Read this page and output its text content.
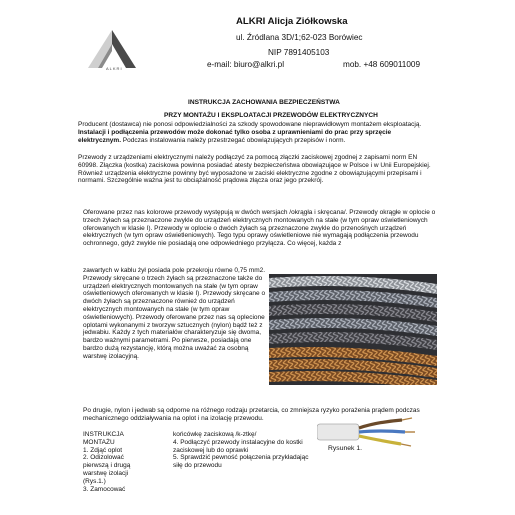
ALKRI
ALKRI Alicja Ziółkowska
ul. Źródlana 3D/1;62-023 Borówiec
NIP 7891405103
e-mail: biuro@alkri.pl	mob. +48 609011009
INSTRUKCJA ZACHOWANIA BEZPIECZEŃSTWA
PRZY MONTAŻU I EKSPLOATACJI PRZEWODÓW ELEKTRYCZNYCH
Producent (dostawca) nie ponosi odpowiedzialności za szkody spowodowane nieprawidłowym montażem eksploatacją. Instalacji i podłączenia przewodów może dokonać tylko osoba z uprawnieniami do prac przy sprzęcie elektrycznym. Podczas instalowania należy przestrzegać obowiązujących przepisów i norm.
Przewody z urządzeniami elektrycznymi należy podłączyć za pomocą złączki zaciskowej zgodnej z zapisami norm EN 60998. Złączka (kostka) zaciskowa powinna posiadać atesty bezpieczeństwa obowiązujące w Polsce i w Unii Europejskiej. Również urządzenia elektryczne powinny być wyposażone w zaciski elektryczne zgodne z obowiązującymi przepisami i normami. Szczególnie ważna jest tu obciążalność prądowa złącza oraz jego przekrój.
Oferowane przez nas kolorowe przewody występują w dwóch wersjach /okrągła i skręcana/. Przewody okrągłe w oplocie o trzech żyłach są przeznaczone zwykle do urządzeń elektrycznych montowanych na stałe (w tym opraw oświetleniowych oferowanych w klasie I). Przewody w oplocie o dwóch żyłach są przeznaczone zwykle do przenośnych urządzeń elektrycznych (w tym opraw oświetleniowych). Tego typu oprawy oświetleniowe nie wymagają podłączenia przewodu ochronnego, gdyż zwykle nie posiadają one odpowiedniego przyłącza. Co więcej, każda z
zawartych w kablu żył posiada pole przekroju równe 0,75 mm2. Przewody skręcane o trzech żyłach są przeznaczone także do urządzeń elektrycznych montowanych na stałe (w tym opraw oświetleniowych oferowanych w klasie I). Przewody skręcane o dwóch żyłach są przeznaczone również do urządzeń elektrycznych montowanych na stałe (w tym opraw oświetleniowych). Przewody oferowane przez nas są oplecione oplotami wykonanymi z tworzyw sztucznych (nylon) bądź też z jedwabiu. Każdy z tych materiałów charakteryzuje się dwoma, bardzo ważnymi parametrami. Po pierwsze, posiadają one bardzo dużą rezystancję, którą można uważać za osobną warstwę izolacyjną.
Po drugie, nylon i jedwab są odporne na różnego rodzaju przetarcia, co zmniejsza ryzyko porażenia prądem podczas mechanicznego oddziaływania na oplot i na izolację przewodu.
INSTRUKCJA MONTAŻU
1. Zdjąć oplot
2. Odizolować pierwszą i drugą warstwę izolacji (Rys.1.)
3. Zamocować
końcówkę zaciskową /k-ztkę/
4. Podłączyć przewody instalacyjne do kostki zaciskowej lub do oprawki
5. Sprawdzić pewność połączenia przykładając siłę do przewodu
Rysunek 1.
